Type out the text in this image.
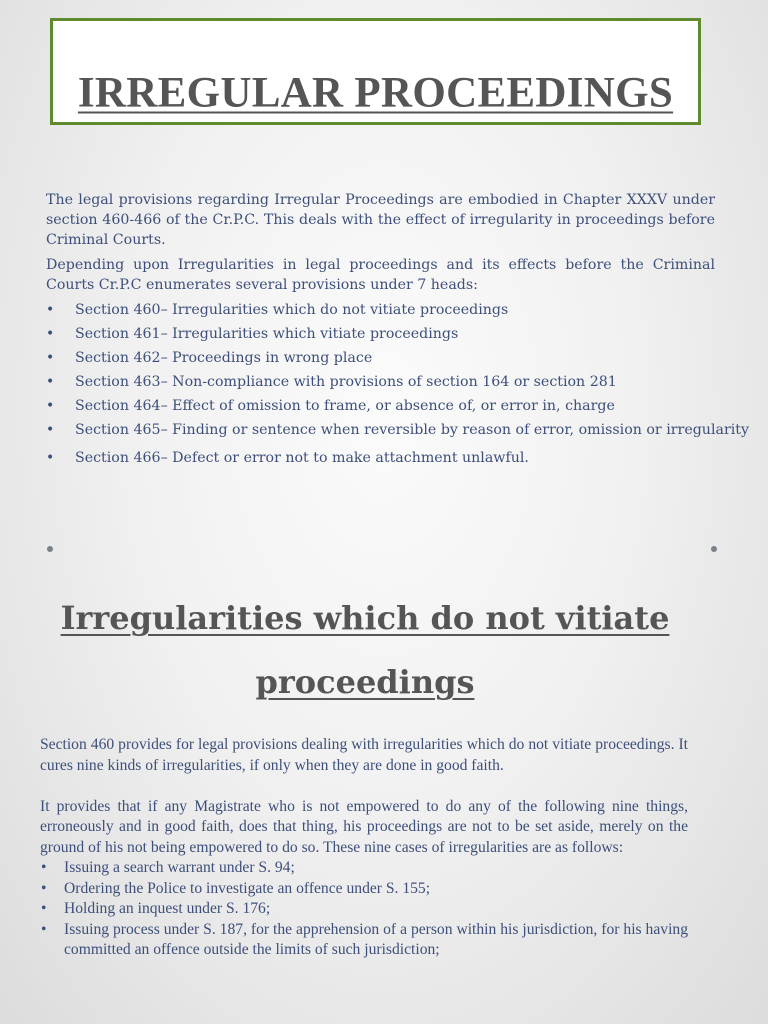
IRREGULAR PROCEEDINGS

The legal provisions regarding Irregular Proceedings are embodied in Chapter XXXV under section 460-466 of the Cr.P.C. This deals with the effect of irregularity in proceedings before Criminal Courts.

Depending upon Irregularities in legal proceedings and its effects before the Criminal Courts Cr.P.C enumerates several provisions under 7 heads:

• Section 460– Irregularities which do not vitiate proceedings
• Section 461– Irregularities which vitiate proceedings
• Section 462– Proceedings in wrong place
• Section 463– Non-compliance with provisions of section 164 or section 281
• Section 464– Effect of omission to frame, or absence of, or error in, charge
• Section 465– Finding or sentence when reversible by reason of error, omission or irregularity
• Section 466– Defect or error not to make attachment unlawful.
Irregularities which do not vitiate
proceedings

Section 460 provides for legal provisions dealing with irregularities which do not vitiate proceedings. It cures nine kinds of irregularities, if only when they are done in good faith.

It provides that if any Magistrate who is not empowered to do any of the following nine things, erroneously and in good faith, does that thing, his proceedings are not to be set aside, merely on the ground of his not being empowered to do so. These nine cases of irregularities are as follows:

• Issuing a search warrant under S. 94;
• Ordering the Police to investigate an offence under S. 155;
• Holding an inquest under S. 176;
• Issuing process under S. 187, for the apprehension of a person within his jurisdiction, for his having committed an offence outside the limits of such jurisdiction;
